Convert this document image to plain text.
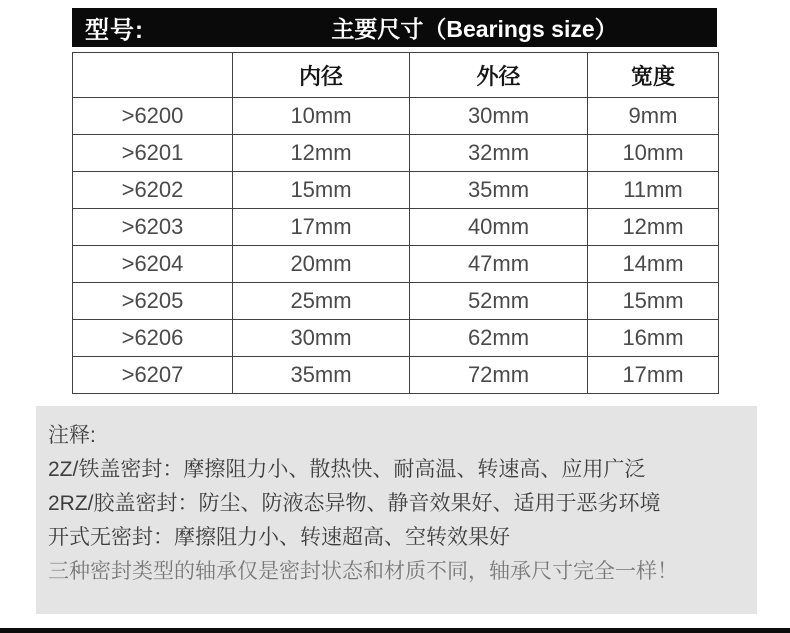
型号:	主要尺寸（Bearings size）
	内径	外径	宽度
>6200	10mm	30mm	9mm
>6201	12mm	32mm	10mm
>6202	15mm	35mm	11mm
>6203	17mm	40mm	12mm
>6204	20mm	47mm	14mm
>6205	25mm	52mm	15mm
>6206	30mm	62mm	16mm
>6207	35mm	72mm	17mm
注释:
2Z/铁盖密封：摩擦阻力小、散热快、耐高温、转速高、应用广泛
2RZ/胶盖密封：防尘、防液态异物、静音效果好、适用于恶劣环境
开式无密封：摩擦阻力小、转速超高、空转效果好
三种密封类型的轴承仅是密封状态和材质不同，轴承尺寸完全一样！
